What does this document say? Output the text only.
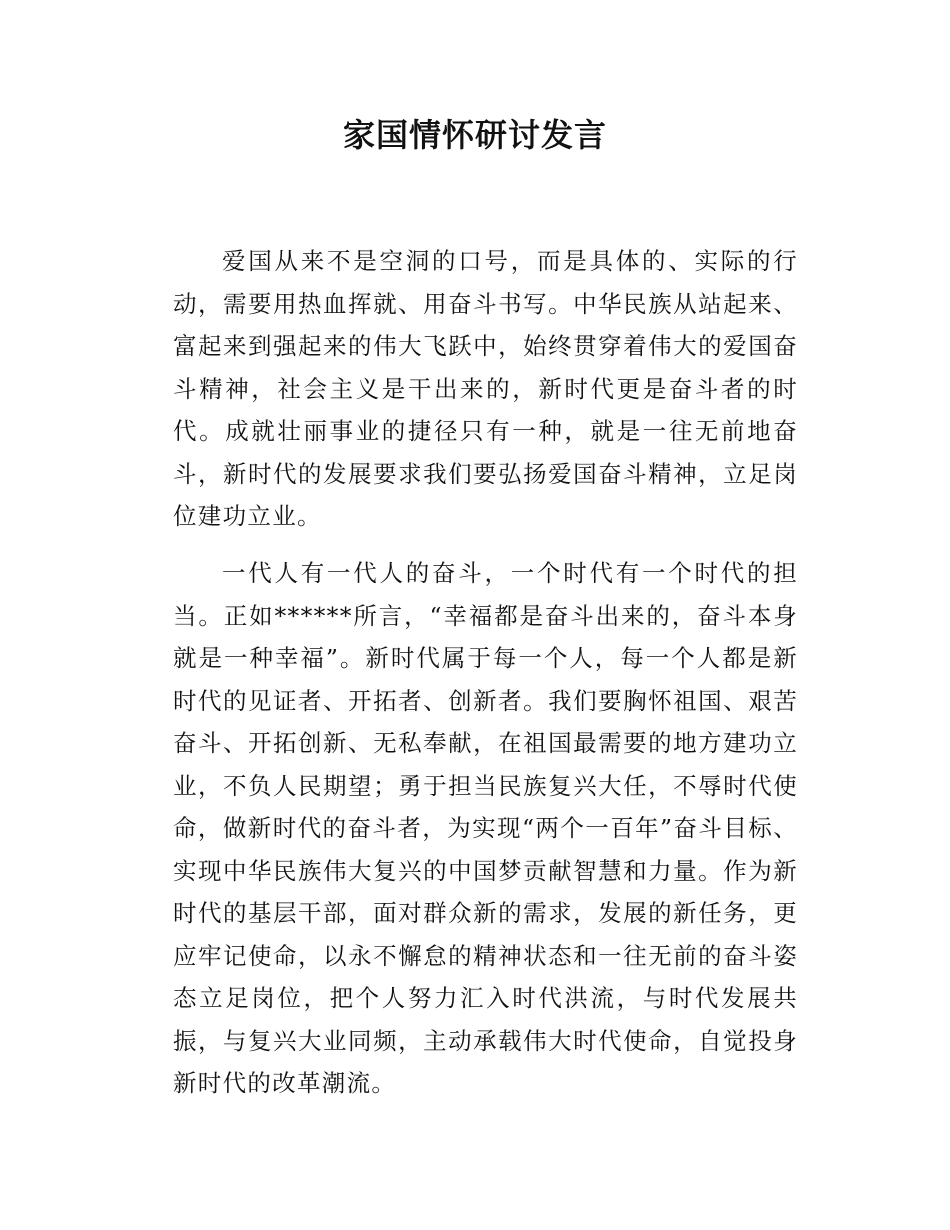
家国情怀研讨发言

爱国从来不是空洞的口号，而是具体的、实际的行动，需要用热血挥就、用奋斗书写。中华民族从站起来、富起来到强起来的伟大飞跃中，始终贯穿着伟大的爱国奋斗精神，社会主义是干出来的，新时代更是奋斗者的时代。成就壮丽事业的捷径只有一种，就是一往无前地奋斗，新时代的发展要求我们要弘扬爱国奋斗精神，立足岗位建功立业。

一代人有一代人的奋斗，一个时代有一个时代的担当。正如******所言，“幸福都是奋斗出来的，奋斗本身就是一种幸福”。新时代属于每一个人，每一个人都是新时代的见证者、开拓者、创新者。我们要胸怀祖国、艰苦奋斗、开拓创新、无私奉献，在祖国最需要的地方建功立业，不负人民期望；勇于担当民族复兴大任，不辱时代使命，做新时代的奋斗者，为实现“两个一百年”奋斗目标、实现中华民族伟大复兴的中国梦贡献智慧和力量。作为新时代的基层干部，面对群众新的需求，发展的新任务，更应牢记使命，以永不懈怠的精神状态和一往无前的奋斗姿态立足岗位，把个人努力汇入时代洪流，与时代发展共振，与复兴大业同频，主动承载伟大时代使命，自觉投身新时代的改革潮流。
